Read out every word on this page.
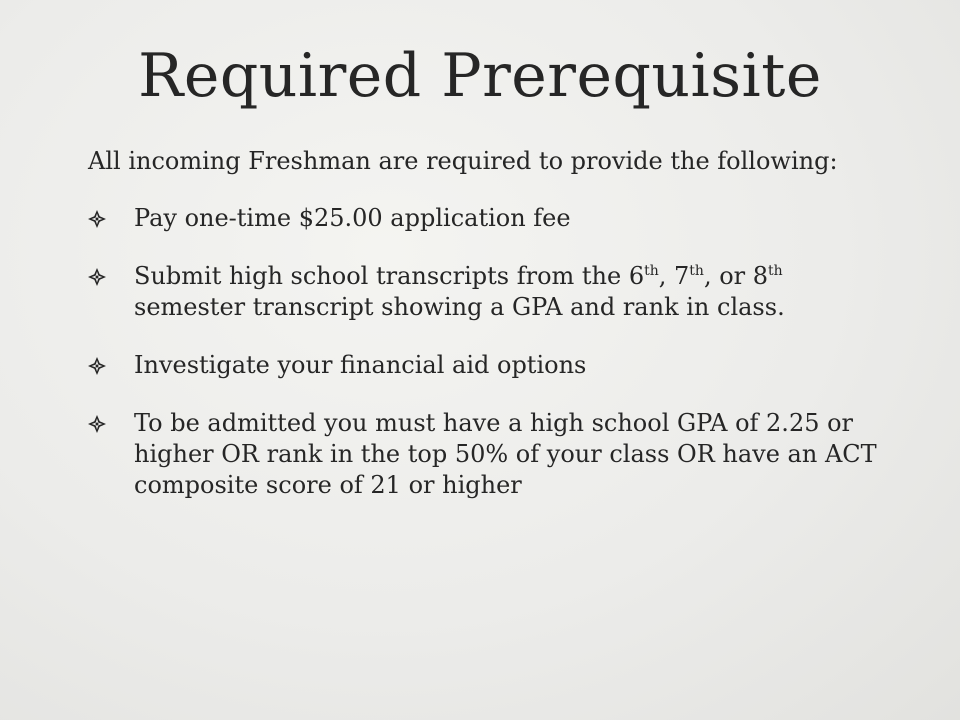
Required Prerequisite

All incoming Freshman are required to provide the following:

Pay one-time $25.00 application fee
Submit high school transcripts from the 6th, 7th, or 8th semester transcript showing a GPA and rank in class.
Investigate your financial aid options
To be admitted you must have a high school GPA of 2.25 or higher OR rank in the top 50% of your class OR have an ACT composite score of 21 or higher
